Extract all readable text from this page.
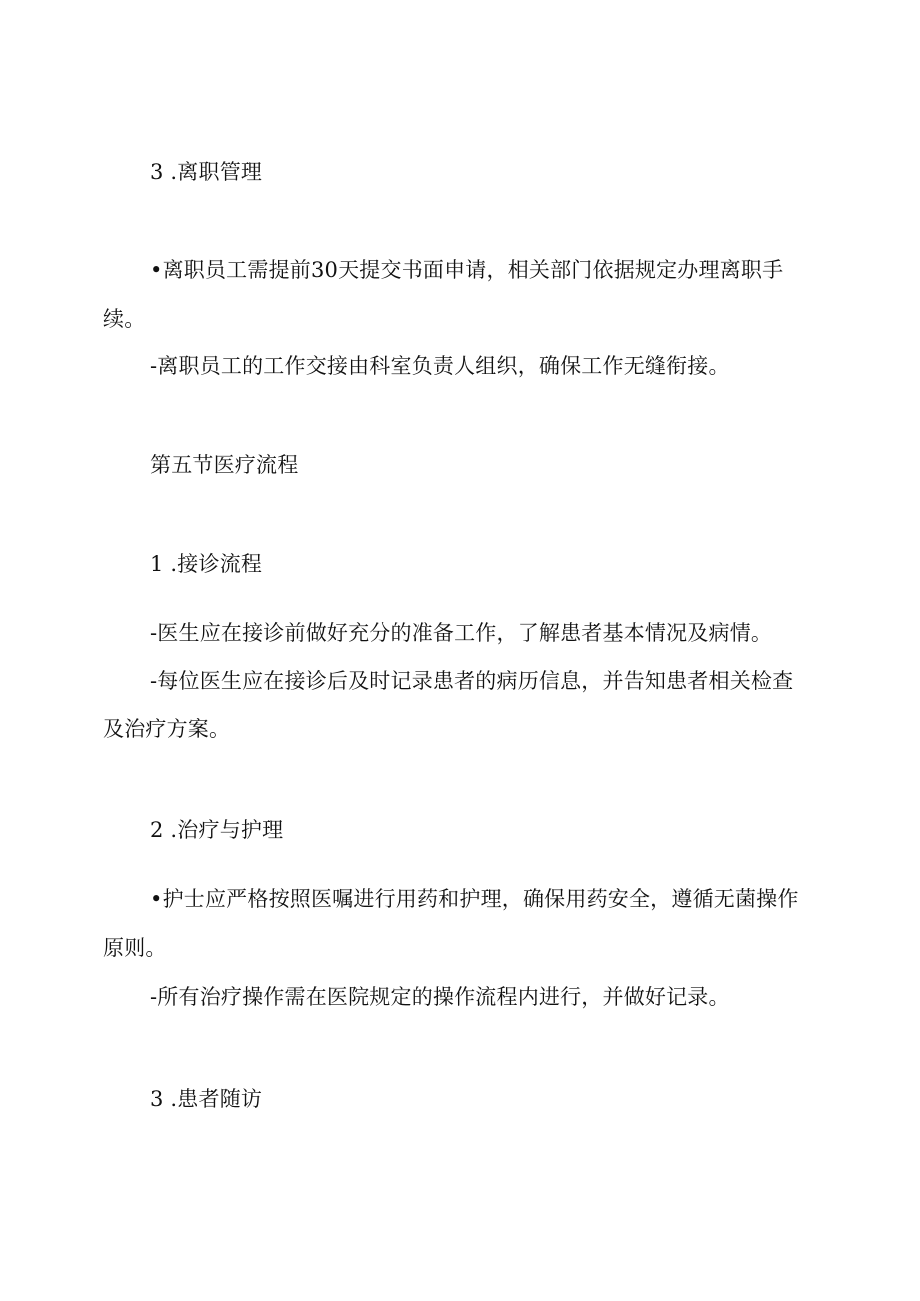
3 .离职管理
•离职员工需提前30天提交书面申请，相关部门依据规定办理离职手
续。
-离职员工的工作交接由科室负责人组织，确保工作无缝衔接。
第五节医疗流程
1 .接诊流程
-医生应在接诊前做好充分的准备工作，了解患者基本情况及病情。
-每位医生应在接诊后及时记录患者的病历信息，并告知患者相关检查
及治疗方案。
2 .治疗与护理
•护士应严格按照医嘱进行用药和护理，确保用药安全，遵循无菌操作
原则。
-所有治疗操作需在医院规定的操作流程内进行，并做好记录。
3 .患者随访
